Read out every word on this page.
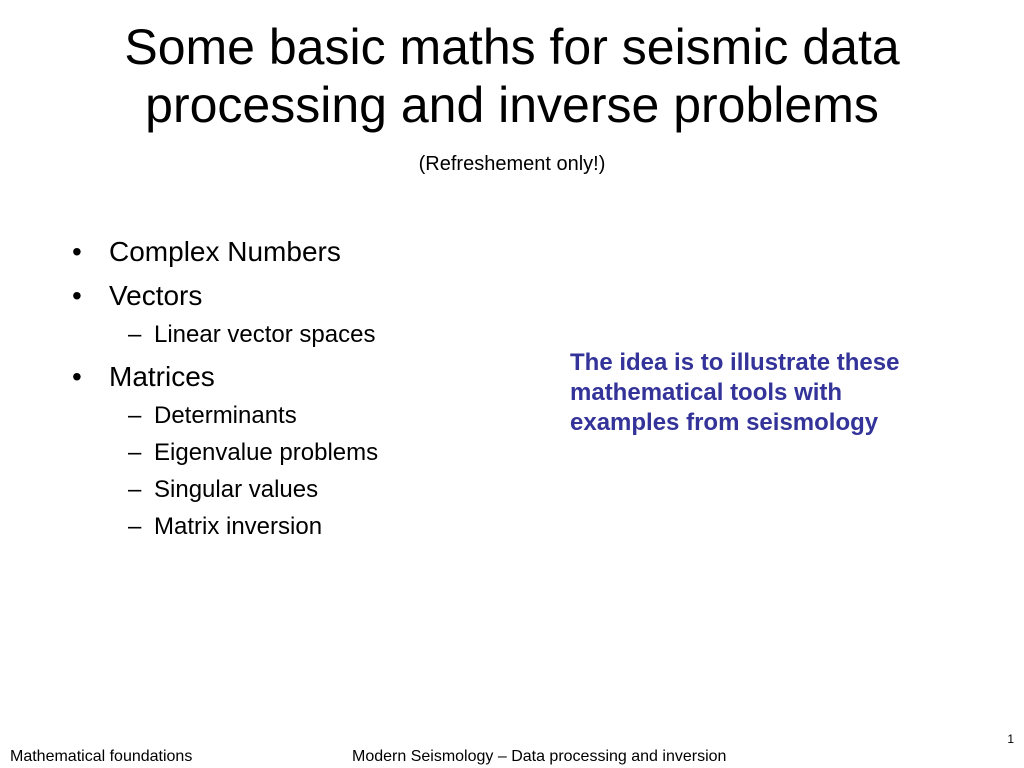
Some basic maths for seismic data
processing and inverse problems
(Refreshement only!)
• Complex Numbers
• Vectors
– Linear vector spaces
• Matrices
– Determinants
– Eigenvalue problems
– Singular values
– Matrix inversion
The idea is to illustrate these
mathematical tools with
examples from seismology
1
Mathematical foundations	Modern Seismology – Data processing and inversion
